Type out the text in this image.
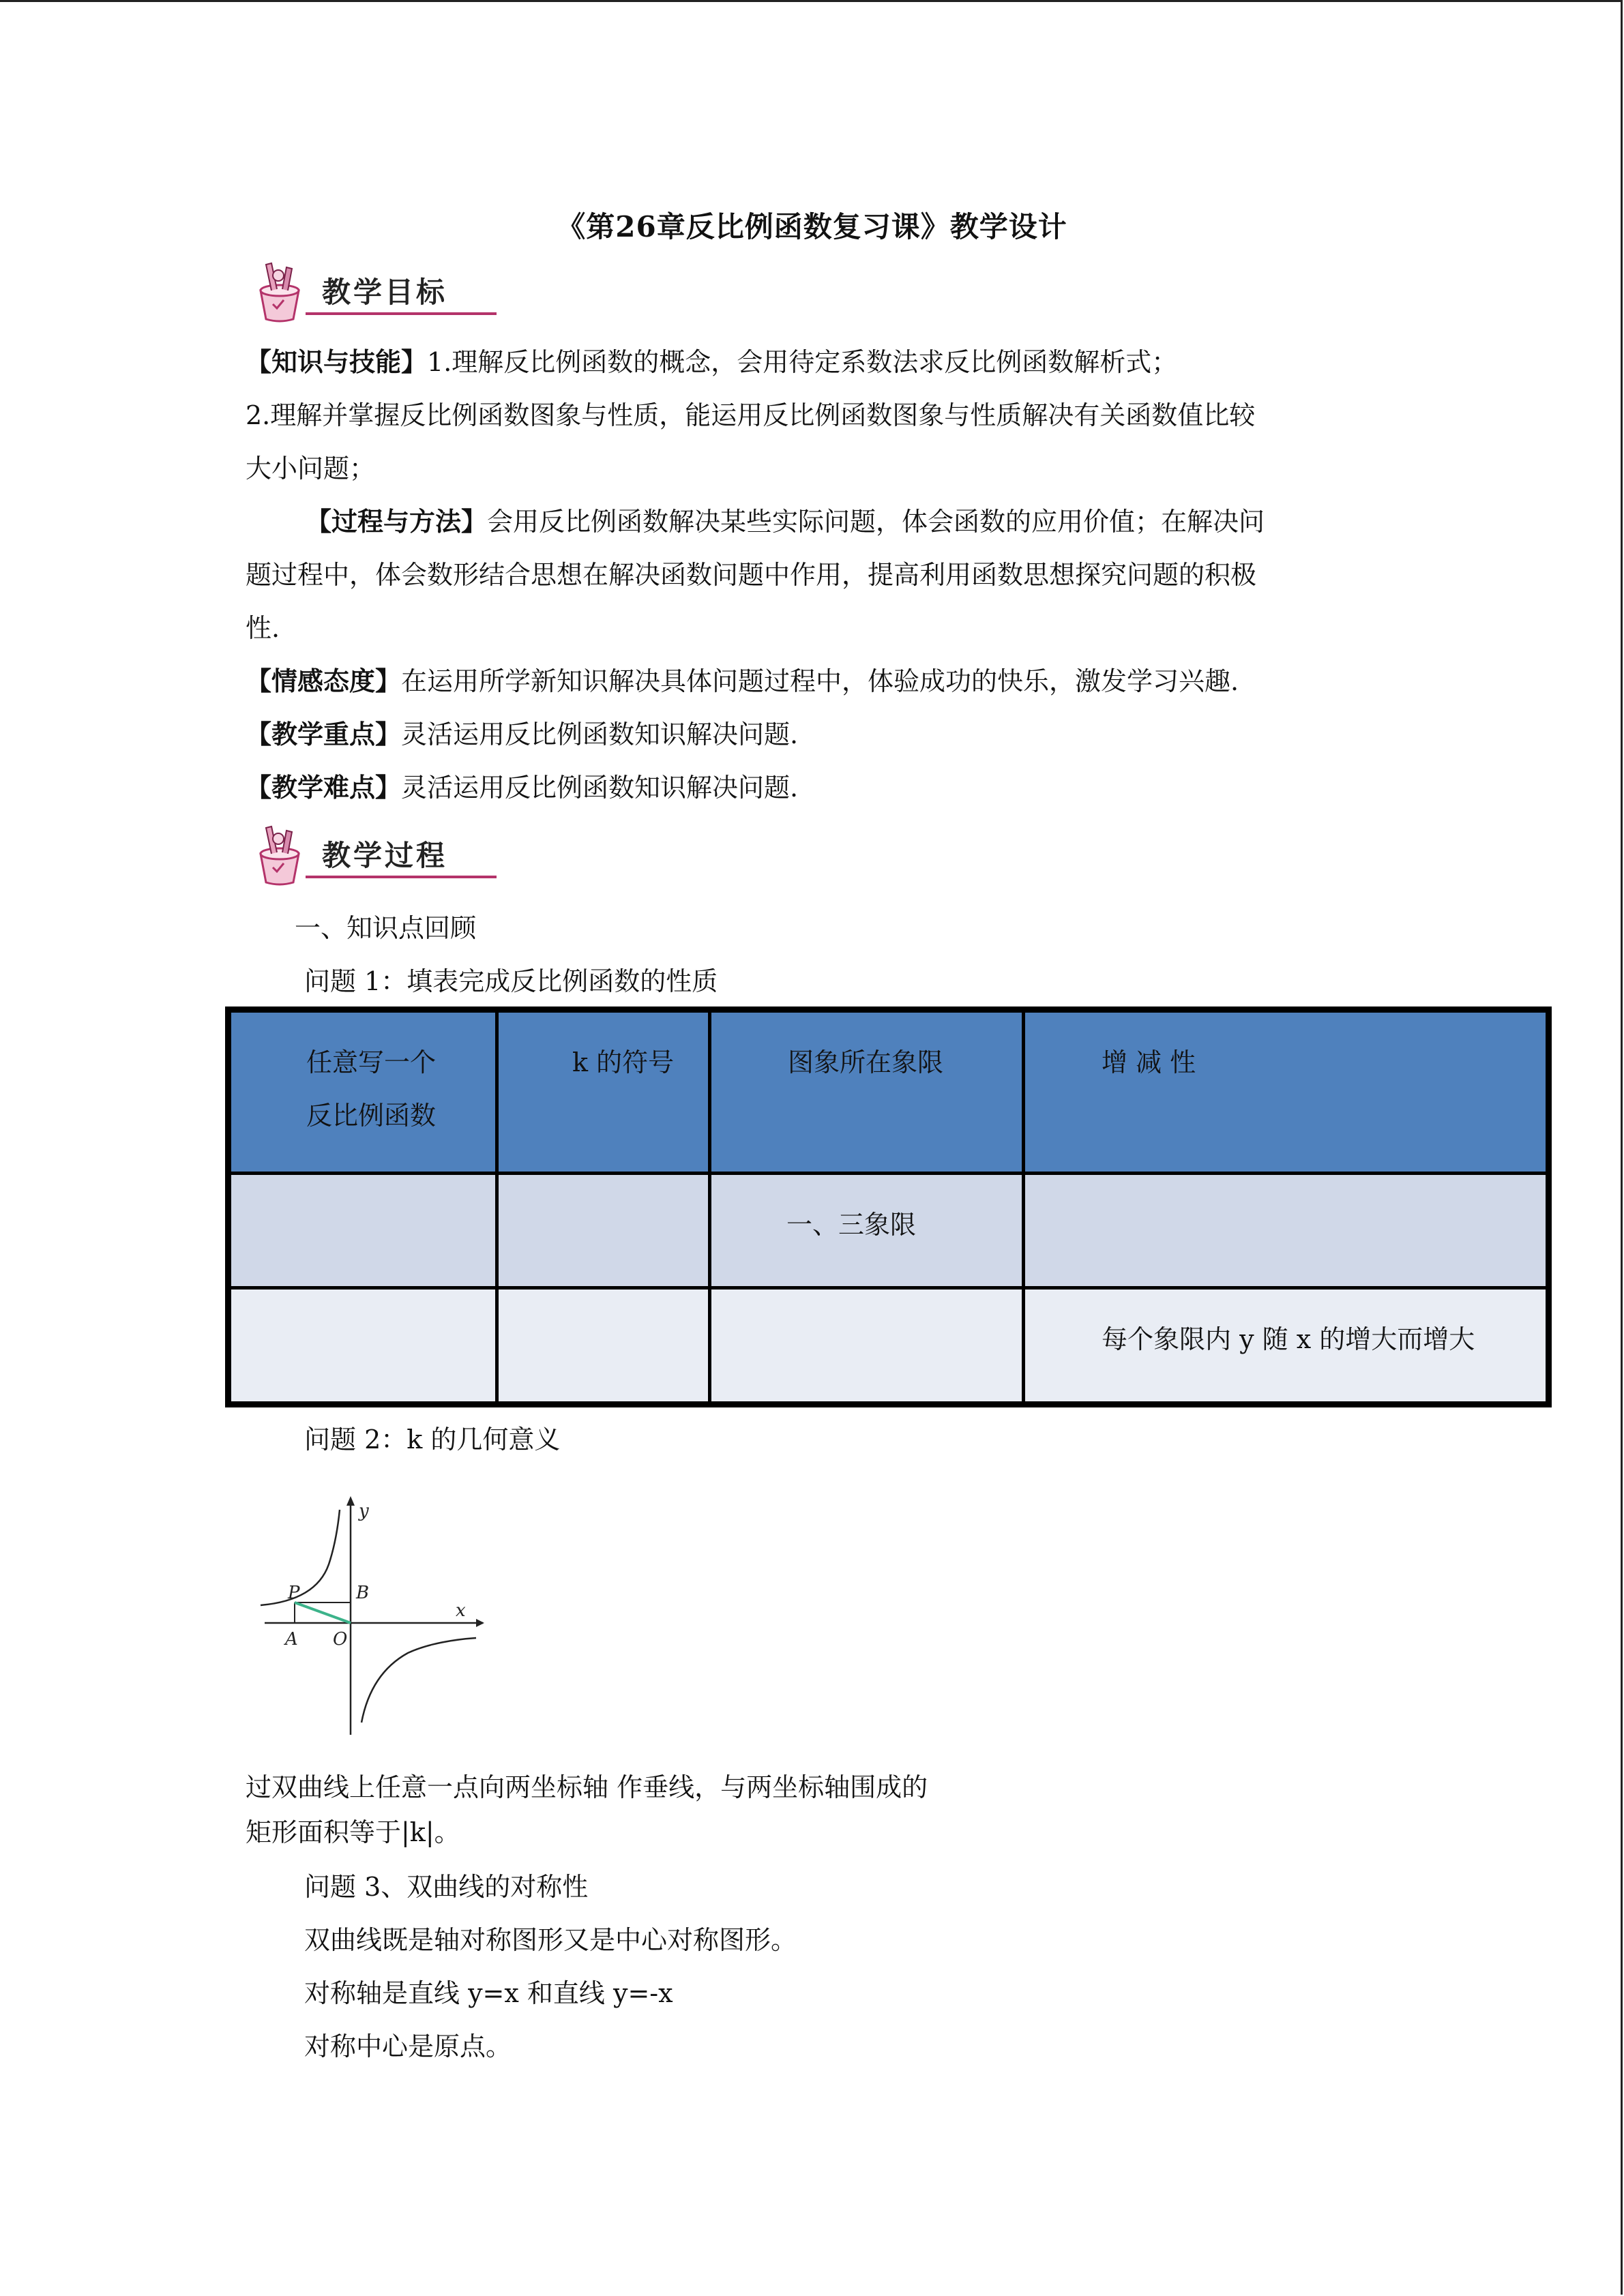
《第26章反比例函数复习课》教学设计
教学目标
【知识与技能】1.理解反比例函数的概念，会用待定系数法求反比例函数解析式；
2.理解并掌握反比例函数图象与性质，能运用反比例函数图象与性质解决有关函数值比较
大小问题；
【过程与方法】会用反比例函数解决某些实际问题，体会函数的应用价值；在解决问
题过程中，体会数形结合思想在解决函数问题中作用，提高利用函数思想探究问题的积极
性.
【情感态度】在运用所学新知识解决具体问题过程中，体验成功的快乐，激发学习兴趣.
【教学重点】灵活运用反比例函数知识解决问题.
【教学难点】灵活运用反比例函数知识解决问题.
教学过程
一、知识点回顾
问题 1：填表完成反比例函数的性质
任意写一个
反比例函数	k 的符号	图象所在象限	增 减 性

		一、三象限	

			每个象限内 y 随 x 的增大而增大
问题 2：k 的几何意义
P	B
A O
y
x
过双曲线上任意一点向两坐标轴 作垂线，与两坐标轴围成的
矩形面积等于|k|。
问题 3、双曲线的对称性
双曲线既是轴对称图形又是中心对称图形。
对称轴是直线 y=x 和直线 y=-x
对称中心是原点。
